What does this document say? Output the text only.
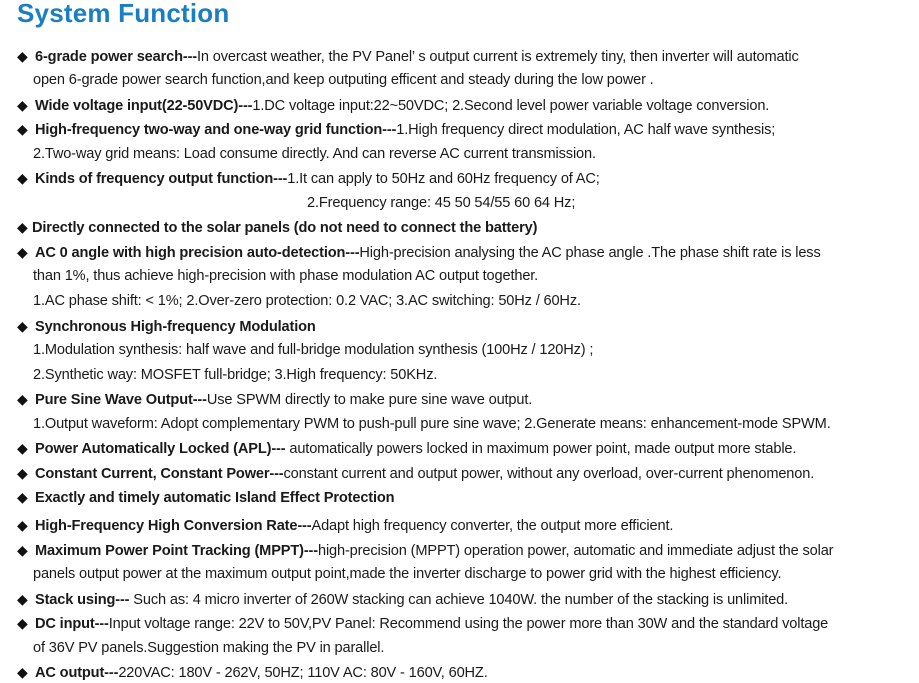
System Function
◆ 6-grade power search---In overcast weather, the PV Panel’ s output current is extremely tiny, then inverter will automatic
open 6-grade power search function,and keep outputing efficent and steady during the low power .
◆ Wide voltage input(22-50VDC)---1.DC voltage input:22~50VDC; 2.Second level power variable voltage conversion.
◆ High-frequency two-way and one-way grid function---1.High frequency direct modulation, AC half wave synthesis;
2.Two-way grid means: Load consume directly. And can reverse AC current transmission.
◆ Kinds of frequency output function---1.It can apply to 50Hz and 60Hz frequency of AC;
2.Frequency range: 45 50 54/55 60 64 Hz;
◆ Directly connected to the solar panels (do not need to connect the battery)
◆ AC 0 angle with high precision auto-detection---High-precision analysing the AC phase angle .The phase shift rate is less
than 1%, thus achieve high-precision with phase modulation AC output together.
1.AC phase shift: < 1%; 2.Over-zero protection: 0.2 VAC; 3.AC switching: 50Hz / 60Hz.
◆ Synchronous High-frequency Modulation
1.Modulation synthesis: half wave and full-bridge modulation synthesis (100Hz / 120Hz) ;
2.Synthetic way: MOSFET full-bridge; 3.High frequency: 50KHz.
◆ Pure Sine Wave Output---Use SPWM directly to make pure sine wave output.
1.Output waveform: Adopt complementary PWM to push-pull pure sine wave; 2.Generate means: enhancement-mode SPWM.
◆ Power Automatically Locked (APL)--- automatically powers locked in maximum power point, made output more stable.
◆ Constant Current, Constant Power---constant current and output power, without any overload, over-current phenomenon.
◆ Exactly and timely automatic Island Effect Protection
◆ High-Frequency High Conversion Rate---Adapt high frequency converter, the output more efficient.
◆ Maximum Power Point Tracking (MPPT)---high-precision (MPPT) operation power, automatic and immediate adjust the solar
panels output power at the maximum output point,made the inverter discharge to power grid with the highest efficiency.
◆ Stack using--- Such as: 4 micro inverter of 260W stacking can achieve 1040W. the number of the stacking is unlimited.
◆ DC input---Input voltage range: 22V to 50V,PV Panel: Recommend using the power more than 30W and the standard voltage
of 36V PV panels.Suggestion making the PV in parallel.
◆ AC output---220VAC: 180V - 262V, 50HZ; 110V AC: 80V - 160V, 60HZ.
